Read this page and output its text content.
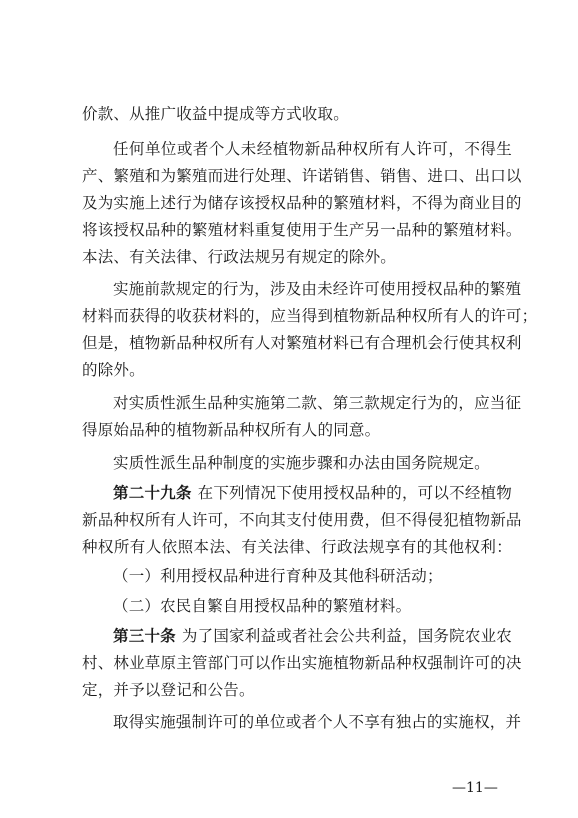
价款、从推广收益中提成等方式收取。
任何单位或者个人未经植物新品种权所有人许可，不得生
产、繁殖和为繁殖而进行处理、许诺销售、销售、进口、出口以
及为实施上述行为储存该授权品种的繁殖材料，不得为商业目的
将该授权品种的繁殖材料重复使用于生产另一品种的繁殖材料。
本法、有关法律、行政法规另有规定的除外。
实施前款规定的行为，涉及由未经许可使用授权品种的繁殖
材料而获得的收获材料的，应当得到植物新品种权所有人的许可；
但是，植物新品种权所有人对繁殖材料已有合理机会行使其权利
的除外。
对实质性派生品种实施第二款、第三款规定行为的，应当征
得原始品种的植物新品种权所有人的同意。
实质性派生品种制度的实施步骤和办法由国务院规定。
第二十九条 在下列情况下使用授权品种的，可以不经植物
新品种权所有人许可，不向其支付使用费，但不得侵犯植物新品
种权所有人依照本法、有关法律、行政法规享有的其他权利：
（一）利用授权品种进行育种及其他科研活动；
（二）农民自繁自用授权品种的繁殖材料。
第三十条 为了国家利益或者社会公共利益，国务院农业农
村、林业草原主管部门可以作出实施植物新品种权强制许可的决
定，并予以登记和公告。
取得实施强制许可的单位或者个人不享有独占的实施权，并
—11—
